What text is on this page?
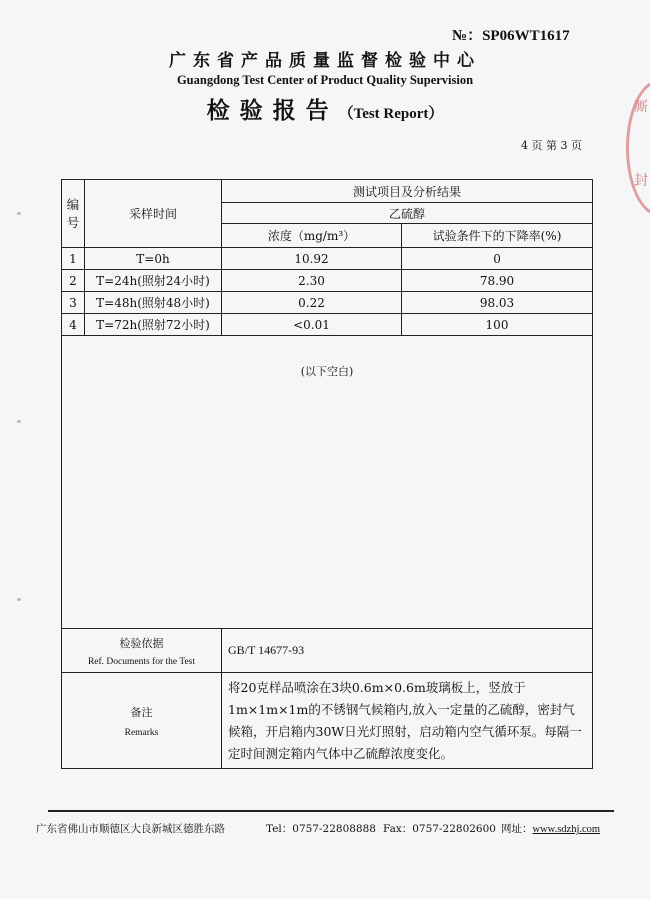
№：SP06WT1617
广东省产品质量监督检验中心
Guangdong Test Center of Product Quality Supervision
检验报告（Test Report）
4 页 第 3 页
编号	采样时间	测试项目及分析结果	
		乙硫醇	
		浓度（mg/m³）	试验条件下的下降率(%)
1	T=0h	10.92	0
2	T=24h(照射24小时)	2.30	78.90
3	T=48h(照射48小时)	0.22	98.03
4	T=72h(照射72小时)	<0.01	100

(以下空白)			

检验依据
Ref. Documents for the Test		GB/T 14677-93	

备注
Remarks		将20克样品喷涂在3块0.6m×0.6m玻璃板上，竖放于1m×1m×1m的不锈钢气候箱内,放入一定量的乙硫醇，密封气候箱，开启箱内30W日光灯照射，启动箱内空气循环泵。每隔一定时间测定箱内气体中乙硫醇浓度变化。	
广东省佛山市顺德区大良新城区德胜东路	Tel：0757-22808888 Fax：0757-22802600 网址：www.sdzhj.com
厮
封
